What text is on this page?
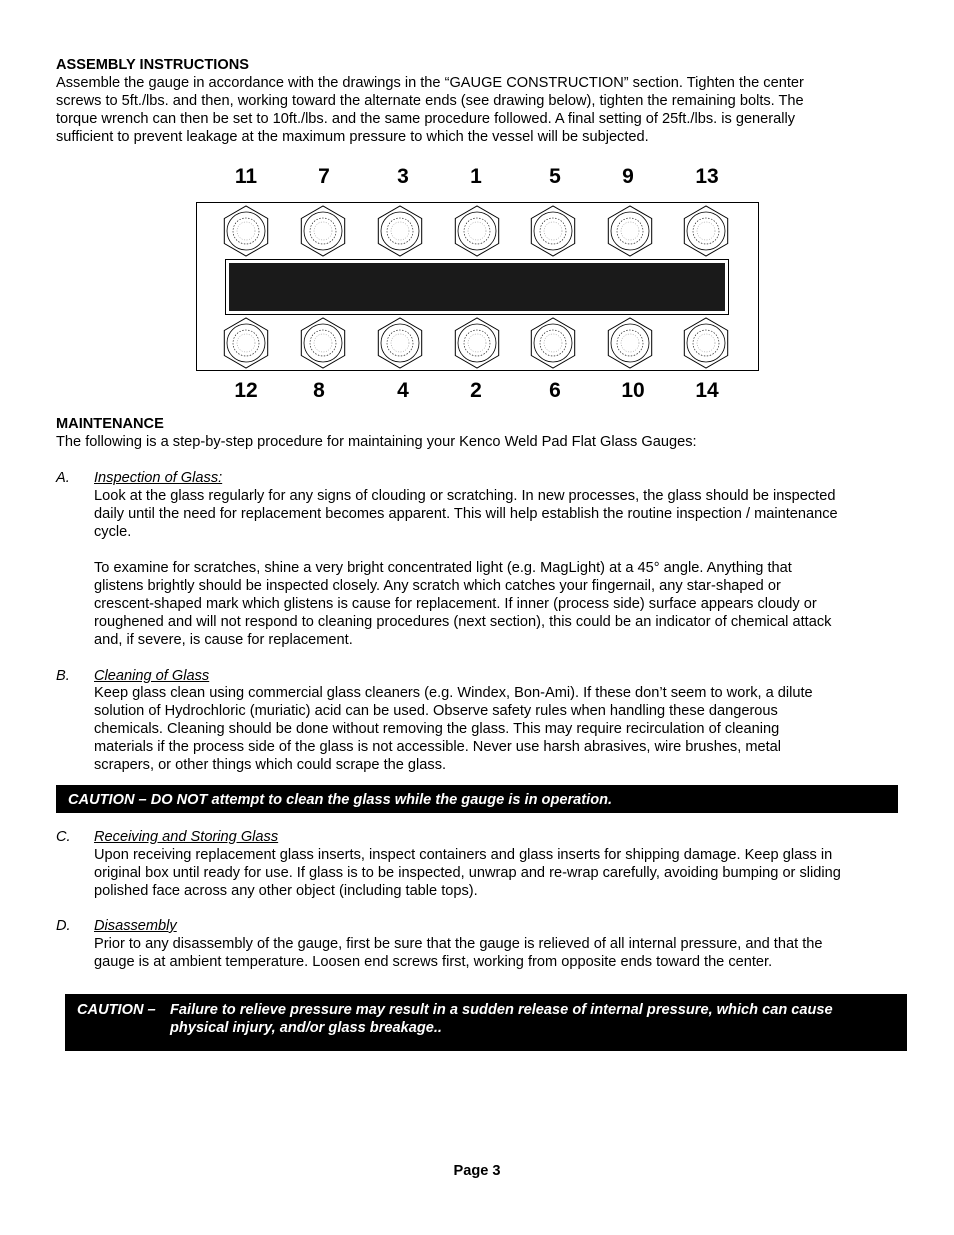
ASSEMBLY INSTRUCTIONS

Assemble the gauge in accordance with the drawings in the “GAUGE CONSTRUCTION” section. Tighten the center

screws to 5ft./lbs. and then, working toward the alternate ends (see drawing below), tighten the remaining bolts. The

torque wrench can then be set to 10ft./lbs. and the same procedure followed. A final setting of 25ft./lbs. is generally

sufficient to prevent leakage at the maximum pressure to which the vessel will be subjected.

11	7	3	1	5	9	13
12	8	4	2	6	10 14
MAINTENANCE
The following is a step-by-step procedure for maintaining your Kenco Weld Pad Flat Glass Gauges:
A. Inspection of Glass:

Look at the glass regularly for any signs of clouding or scratching. In new processes, the glass should be inspected

daily until the need for replacement becomes apparent. This will help establish the routine inspection / maintenance

cycle.

To examine for scratches, shine a very bright concentrated light (e.g. MagLight) at a 45° angle. Anything that

glistens brightly should be inspected closely. Any scratch which catches your fingernail, any star-shaped or

crescent-shaped mark which glistens is cause for replacement. If inner (process side) surface appears cloudy or

roughened and will not respond to cleaning procedures (next section), this could be an indicator of chemical attack

and, if severe, is cause for replacement.

B. Cleaning of Glass

Keep glass clean using commercial glass cleaners (e.g. Windex, Bon-Ami). If these don’t seem to work, a dilute

solution of Hydrochloric (muriatic) acid can be used. Observe safety rules when handling these dangerous

chemicals. Cleaning should be done without removing the glass. This may require recirculation of cleaning

materials if the process side of the glass is not accessible. Never use harsh abrasives, wire brushes, metal

scrapers, or other things which could scrape the glass.

CAUTION – DO NOT attempt to clean the glass while the gauge is in operation.
C. Receiving and Storing Glass

Upon receiving replacement glass inserts, inspect containers and glass inserts for shipping damage. Keep glass in

original box until ready for use. If glass is to be inspected, unwrap and re-wrap carefully, avoiding bumping or sliding

polished face across any other object (including table tops).

D. Disassembly

Prior to any disassembly of the gauge, first be sure that the gauge is relieved of all internal pressure, and that the

gauge is at ambient temperature. Loosen end screws first, working from opposite ends toward the center.

CAUTION – Failure to relieve pressure may result in a sudden release of internal pressure, which can cause
physical injury, and/or glass breakage..
Page 3
